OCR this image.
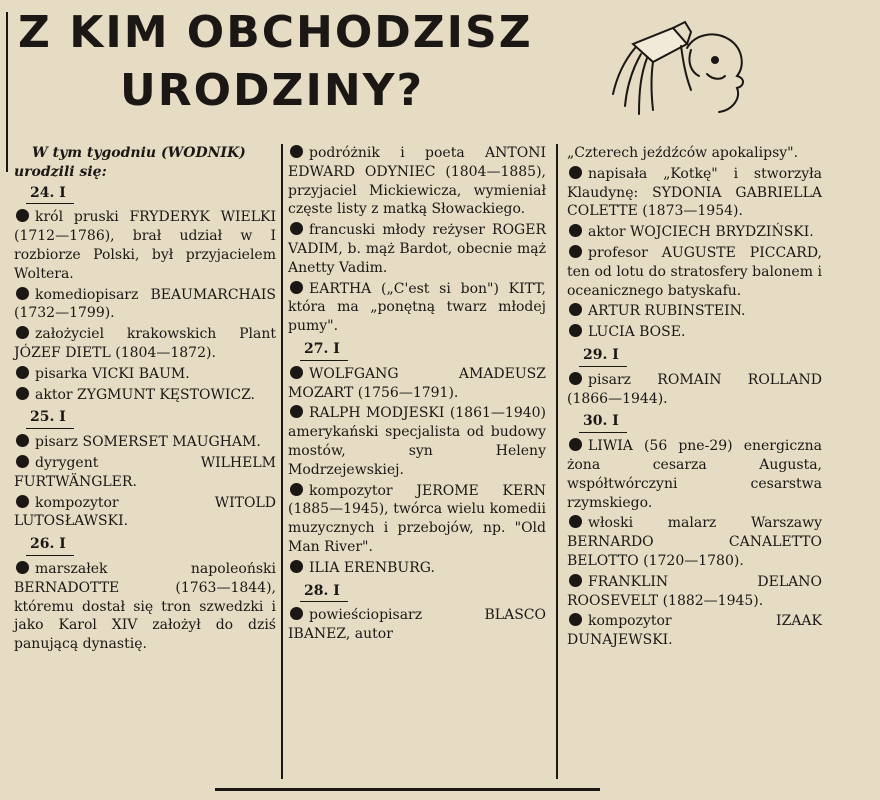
Z KIM OBCHODZISZ
URODZINY?

W tym tygodniu (WODNIK) urodzili się:

24. I

król pruski FRYDERYK WIELKI (1712—1786), brał udział w I rozbiorze Polski, był przyjacielem Woltera.

komediopisarz BEAUMARCHAIS (1732—1799).

założyciel krakowskich Plant JÓZEF DIETL (1804—1872).

pisarka VICKI BAUM.

aktor ZYGMUNT KĘSTOWICZ.

25. I

pisarz SOMERSET MAUGHAM.

dyrygent WILHELM FURTWÄNGLER.

kompozytor WITOLD LUTOSŁAWSKI.

26. I

marszałek napoleoński BERNADOTTE (1763—1844), któremu dostał się tron szwedzki i jako Karol XIV założył do dziś panującą dynastię.

podróżnik i poeta ANTONI EDWARD ODYNIEC (1804—1885), przyjaciel Mickiewicza, wymieniał częste listy z matką Słowackiego.

francuski młody reżyser ROGER VADIM, b. mąż Bardot, obecnie mąż Anetty Vadim.

EARTHA („C'est si bon") KITT, która ma „ponętną twarz młodej pumy".

27. I

WOLFGANG AMADEUSZ MOZART (1756—1791).

RALPH MODJESKI (1861—1940) amerykański specjalista od budowy mostów, syn Heleny Modrzejewskiej.

kompozytor JEROME KERN (1885—1945), twórca wielu komedii muzycznych i przebojów, np. "Old Man River".

ILIA ERENBURG.

28. I

powieściopisarz BLASCO IBANEZ, autor

„Czterech jeźdźców apokalipsy".

napisała „Kotkę" i stworzyła Klaudynę: SYDONIA GABRIELLA COLETTE (1873—1954).

aktor WOJCIECH BRYDZIŃSKI.

profesor AUGUSTE PICCARD, ten od lotu do stratosfery balonem i oceanicznego batyskafu.

ARTUR RUBINSTEIN.

LUCIA BOSE.

29. I

pisarz ROMAIN ROLLAND (1866—1944).

30. I

LIWIA (56 pne-29) energiczna żona cesarza Augusta, współtwórczyni cesarstwa rzymskiego.

włoski malarz Warszawy BERNARDO CANALETTO BELOTTO (1720—1780).

FRANKLIN DELANO ROOSEVELT (1882—1945).

kompozytor IZAAK DUNAJEWSKI.
